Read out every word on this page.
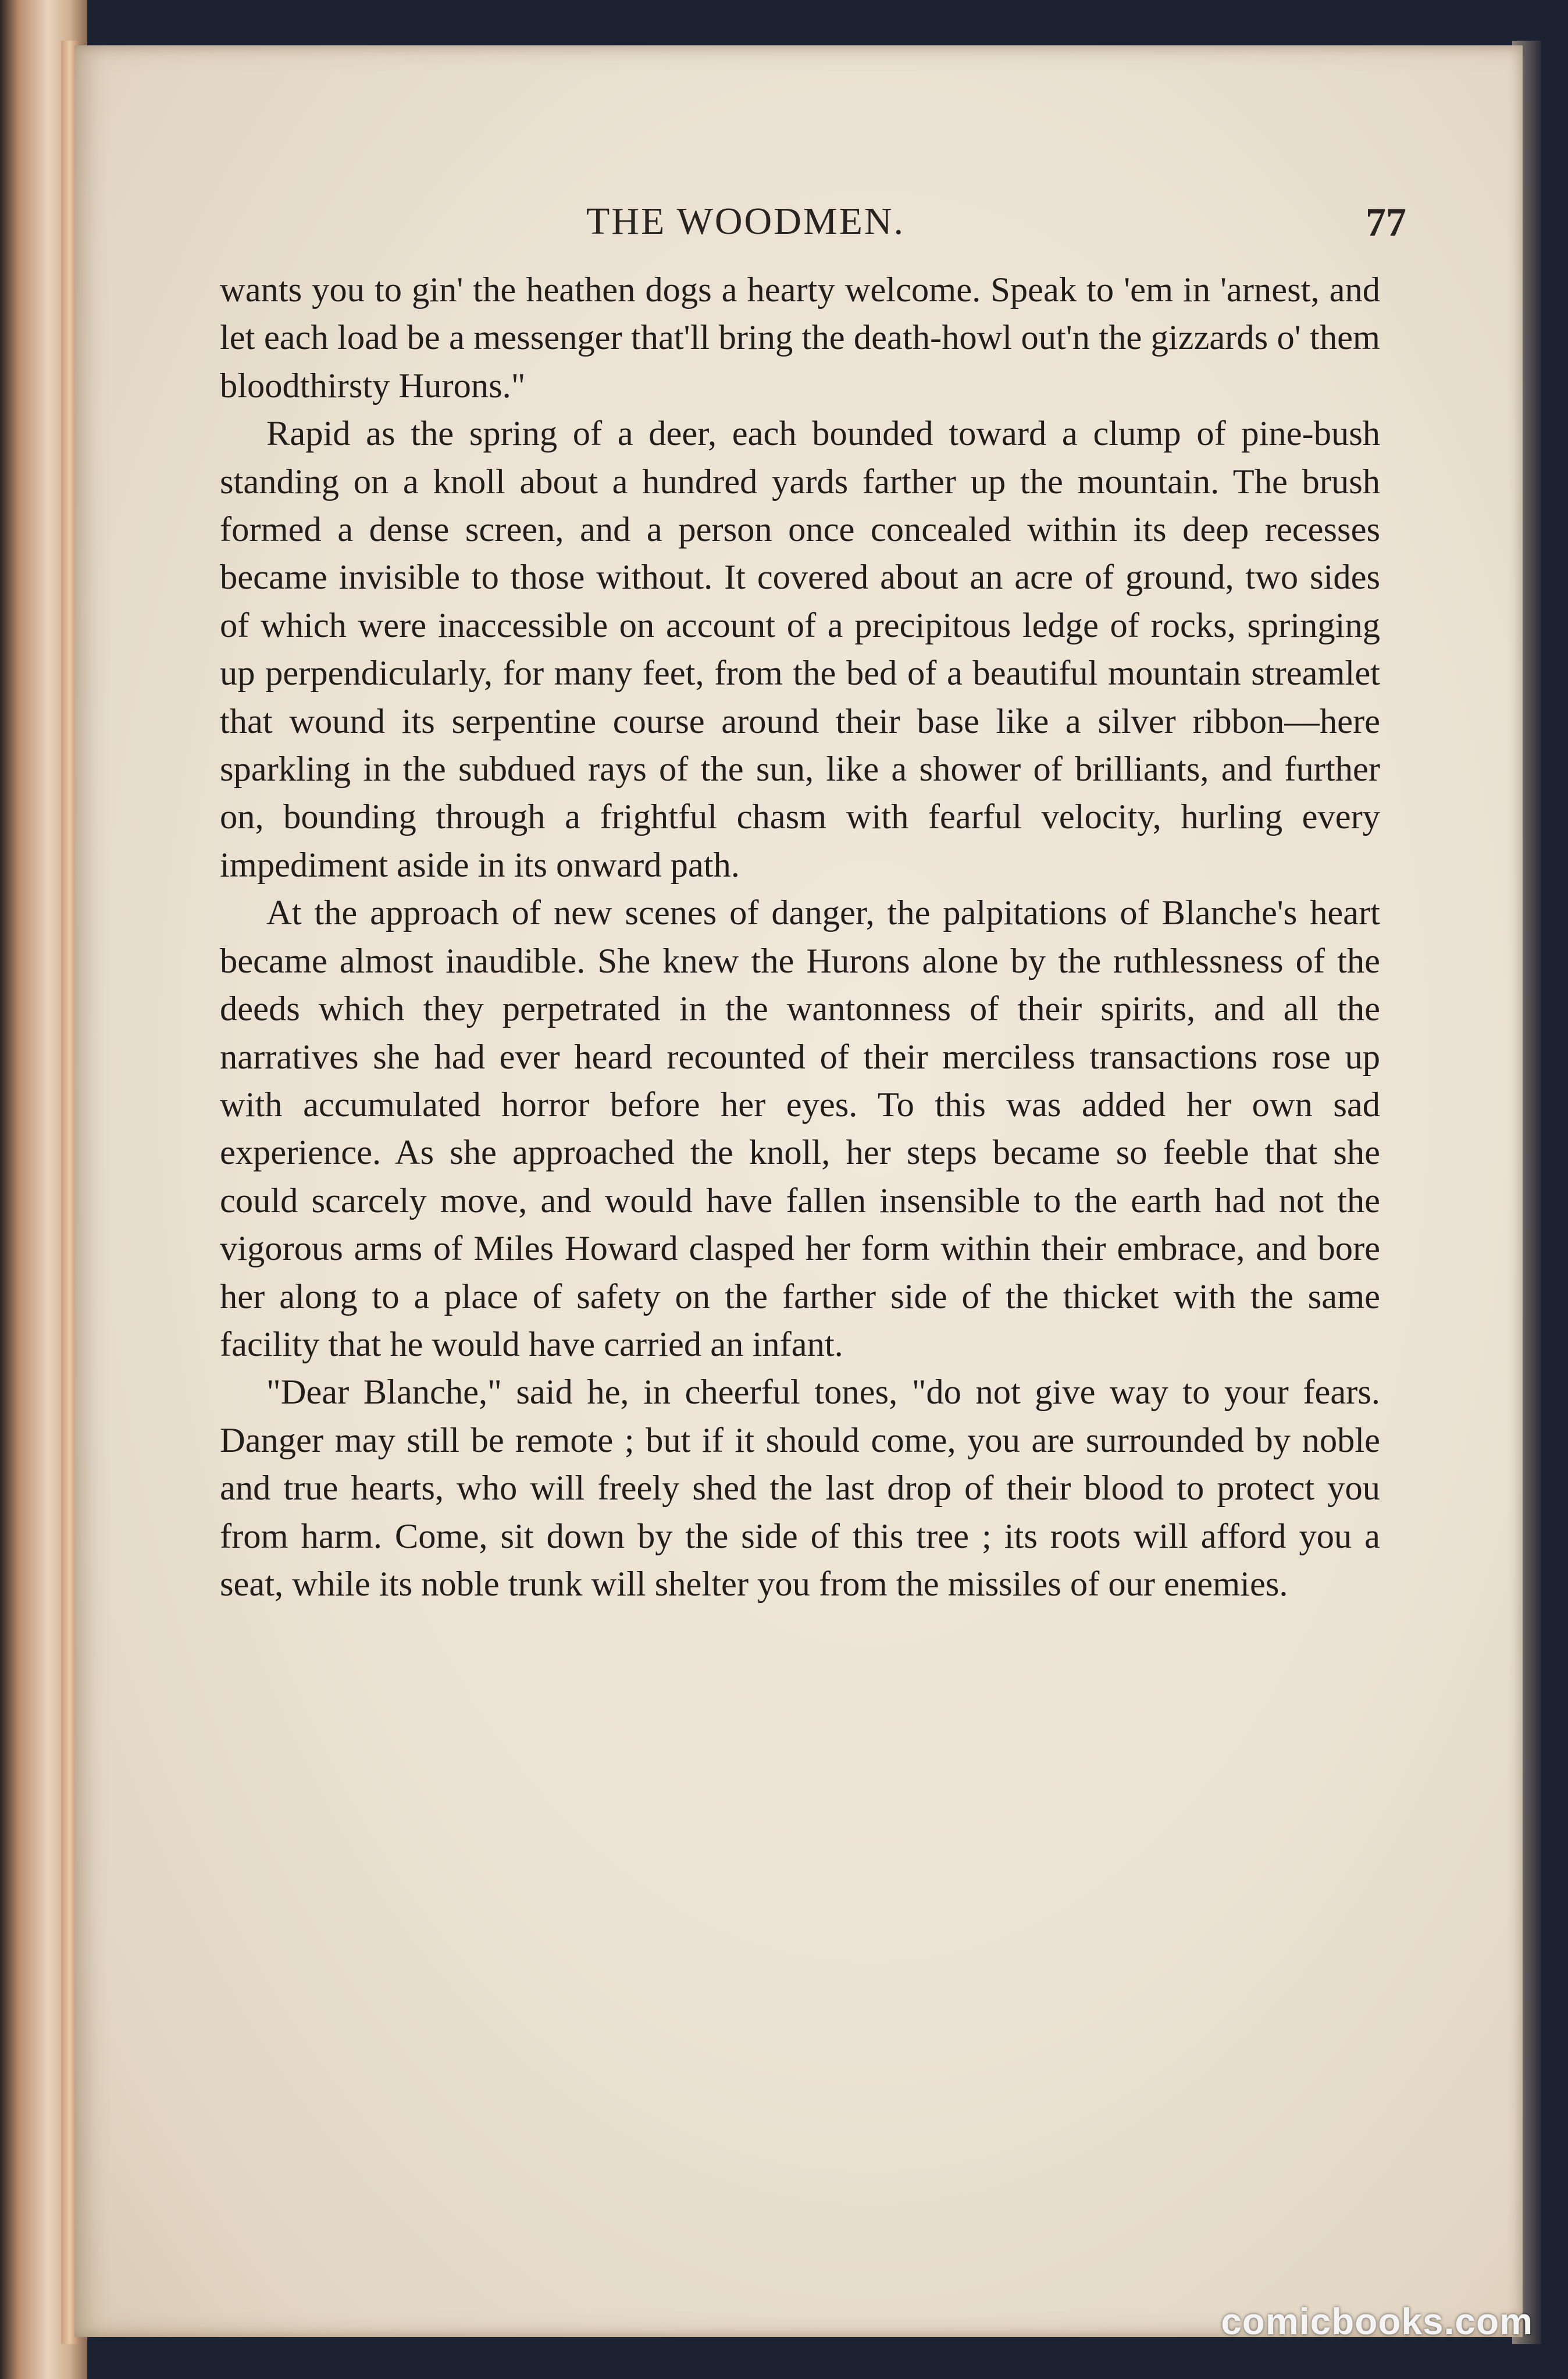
THE WOODMEN.	77

wants you to gin' the heathen dogs a hearty welcome. Speak to 'em in 'arnest, and let each load be a messenger that'll bring the death-howl out'n the gizzards o' them bloodthirsty Hurons."

Rapid as the spring of a deer, each bounded toward a clump of pine-bush standing on a knoll about a hundred yards farther up the mountain. The brush formed a dense screen, and a person once concealed within its deep recesses became invisible to those without. It covered about an acre of ground, two sides of which were inaccessible on account of a precipitous ledge of rocks, springing up perpendicularly, for many feet, from the bed of a beautiful mountain streamlet that wound its serpentine course around their base like a silver ribbon—here sparkling in the subdued rays of the sun, like a shower of brilliants, and further on, bounding through a frightful chasm with fearful velocity, hurling every impediment aside in its onward path.

At the approach of new scenes of danger, the palpitations of Blanche's heart became almost inaudible. She knew the Hurons alone by the ruthlessness of the deeds which they perpetrated in the wantonness of their spirits, and all the narratives she had ever heard recounted of their merciless transactions rose up with accumulated horror before her eyes. To this was added her own sad experience. As she approached the knoll, her steps became so feeble that she could scarcely move, and would have fallen insensible to the earth had not the vigorous arms of Miles Howard clasped her form within their embrace, and bore her along to a place of safety on the farther side of the thicket with the same facility that he would have carried an infant.

"Dear Blanche," said he, in cheerful tones, "do not give way to your fears. Danger may still be remote ; but if it should come, you are surrounded by noble and true hearts, who will freely shed the last drop of their blood to protect you from harm. Come, sit down by the side of this tree ; its roots will afford you a seat, while its noble trunk will shelter you from the missiles of our enemies.

comicbooks.com
